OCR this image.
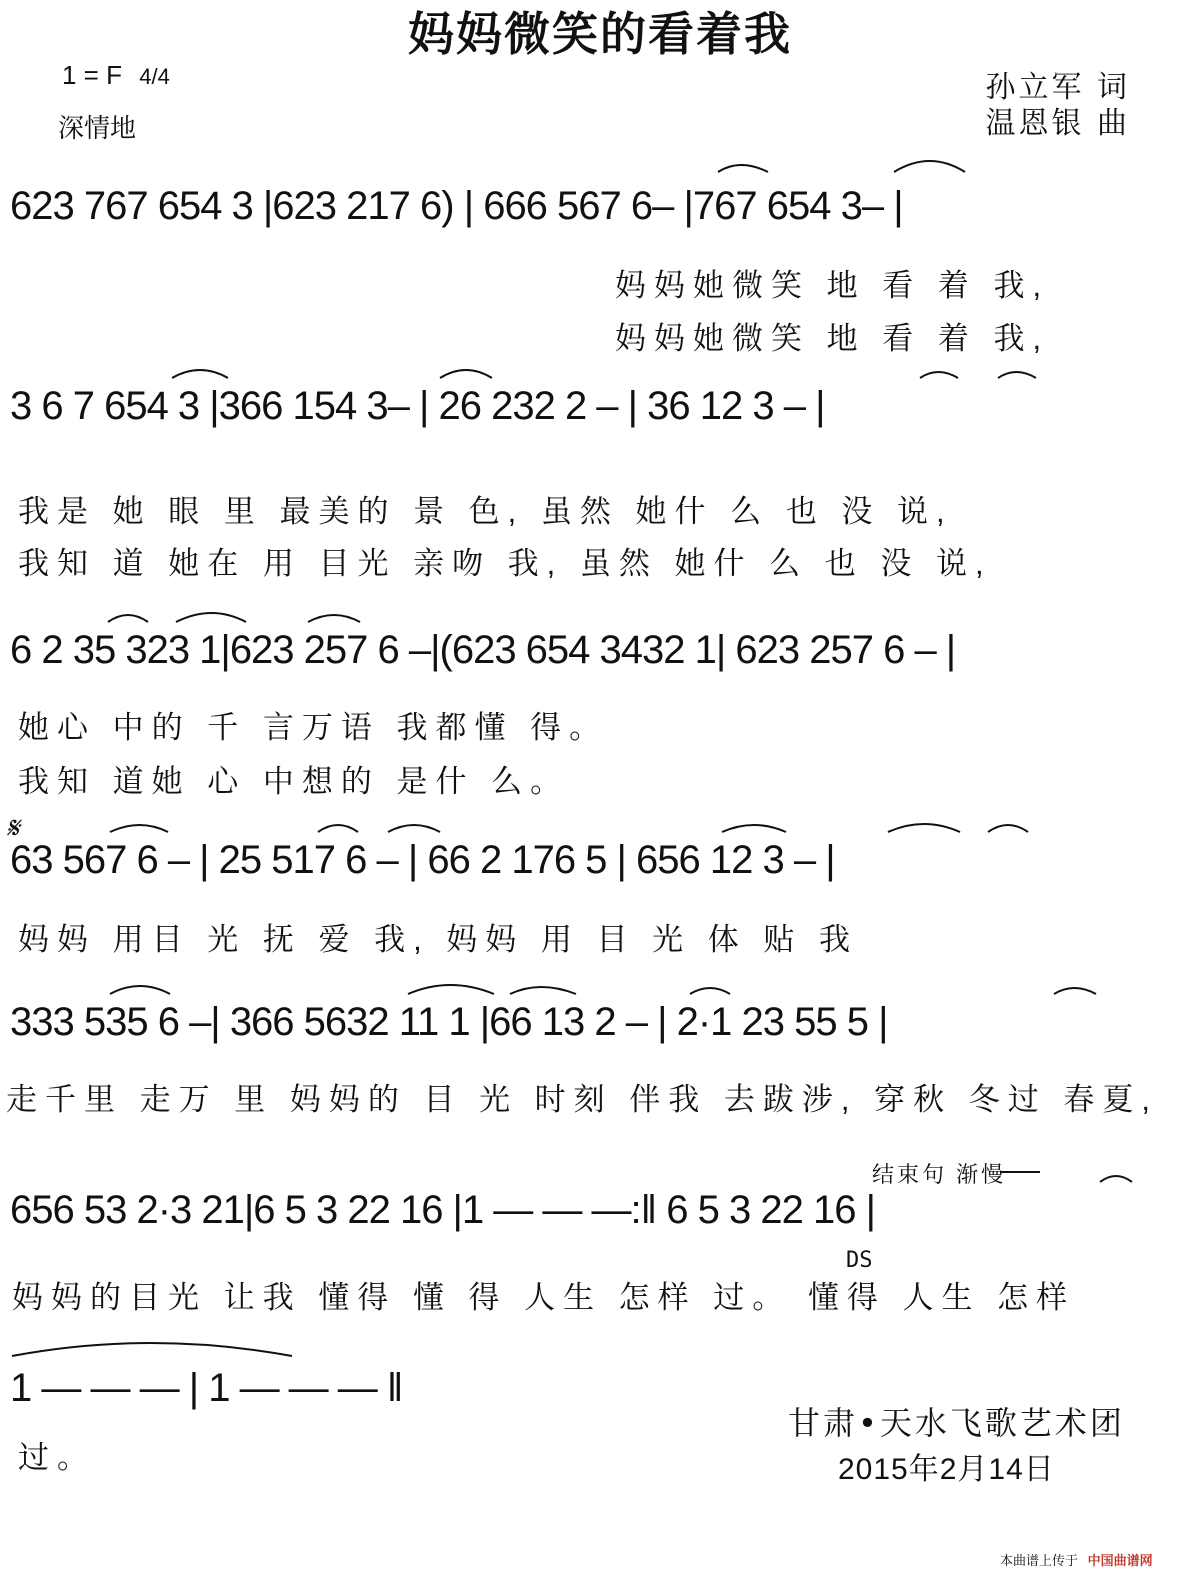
妈妈微笑的看着我
1 = F 4/4
深情地
孙立军 词
温恩银 曲
623 767 654 3 |623 217 6) | 666 567 6– |767 654 3– |
妈妈她微笑 地 看 着 我,
妈妈她微笑 地 看 着 我,
3 6 7 654 3 |366 154 3– | 26 232 2 – | 36 12 3 – |
我是 她 眼 里 最美的 景 色, 虽然 她什 么 也 没 说,
我知 道 她在 用 目光 亲吻 我, 虽然 她什 么 也 没 说,
6 2 35 323 1|623 257 6 –|(623 654 3432 1| 623 257 6 – |
她心 中的 千 言万语 我都懂 得。
我知 道她 心 中想的 是什 么。
𝄋
63 567 6 – | 25 517 6 – | 66 2 176 5 | 656 12 3 – |
妈妈 用目 光 抚 爱 我, 妈妈 用 目 光 体 贴 我
333 535 6 –| 366 5632 11 1 |66 13 2 – | 2·1 23 55 5 |
走千里 走万 里 妈妈的 目 光 时刻 伴我 去跋涉, 穿秋 冬过 春夏,
结束句 渐慢
656 53 2·3 21|6 5 3 22 16 |1 — — —:‖ 6 5 3 22 16 |
DS
妈妈的目光 让我 懂得 懂 得 人生 怎样 过。 懂得 人生 怎样
1 — — — | 1 — — — ‖
过。
甘肃•天水飞歌艺术团
2015年2月14日
本曲谱上传于 中国曲谱网
